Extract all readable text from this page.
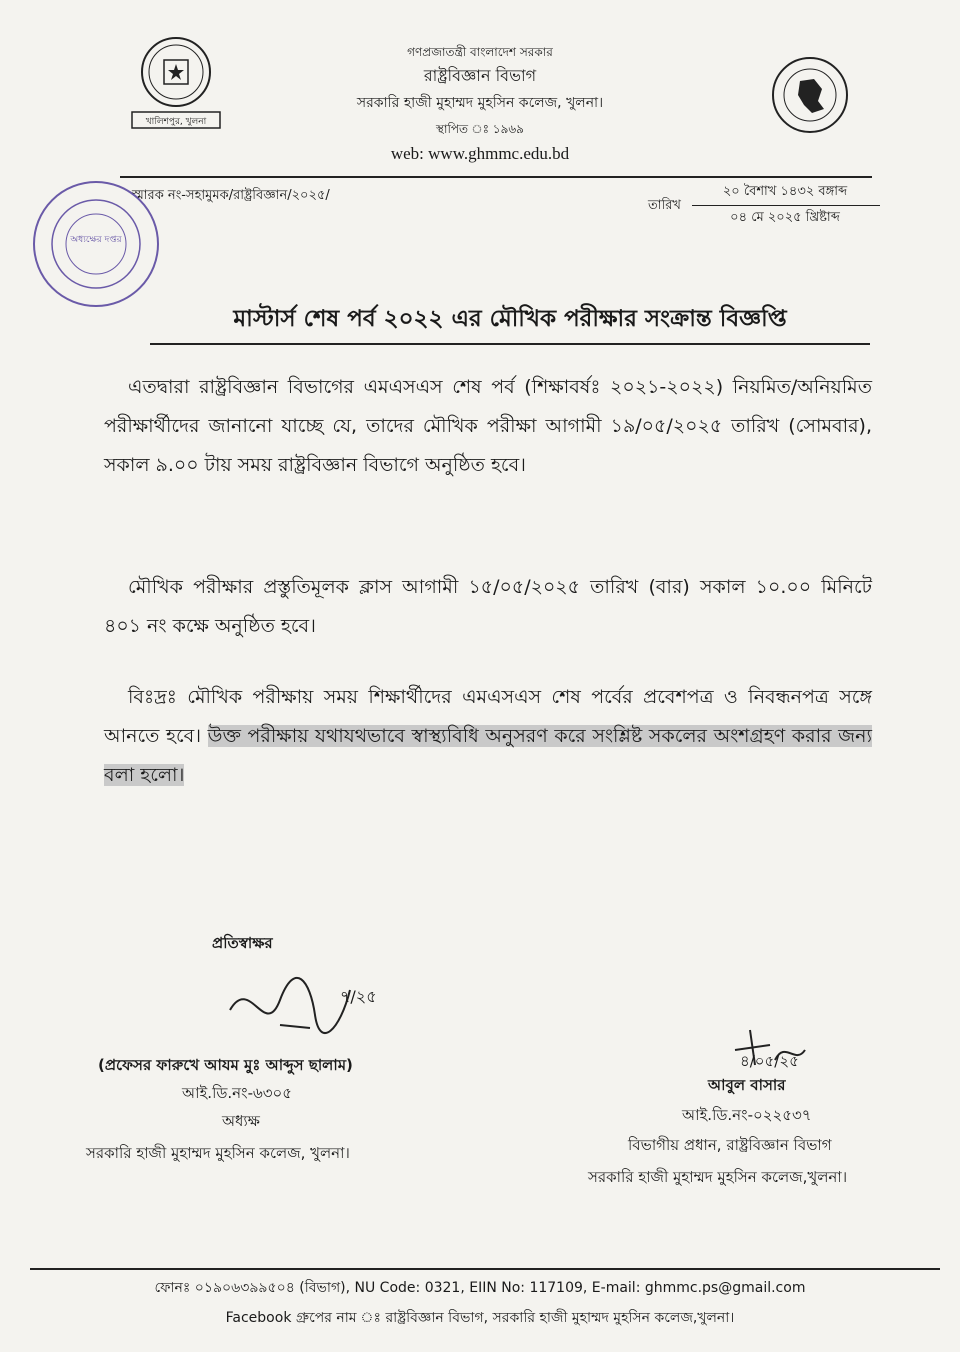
খালিশপুর, খুলনা
গণপ্রজাতন্ত্রী বাংলাদেশ সরকার
রাষ্ট্রবিজ্ঞান বিভাগ
সরকারি হাজী মুহাম্মদ মুহসিন কলেজ, খুলনা।
স্থাপিত ঃ ১৯৬৯
web: www.ghmmc.edu.bd
অধ্যক্ষের দপ্তর
স্মারক নং-সহামুমক/রাষ্ট্রবিজ্ঞান/২০২৫/
তারিখ
২০ বৈশাখ ১৪৩২ বঙ্গাব্দ
০৪ মে ২০২৫ খ্রিষ্টাব্দ
মাস্টার্স শেষ পর্ব ২০২২ এর মৌখিক পরীক্ষার সংক্রান্ত বিজ্ঞপ্তি
এতদ্বারা রাষ্ট্রবিজ্ঞান বিভাগের এমএসএস শেষ পর্ব (শিক্ষাবর্ষঃ ২০২১-২০২২) নিয়মিত/অনিয়মিত পরীক্ষার্থীদের জানানো যাচ্ছে যে, তাদের মৌখিক পরীক্ষা আগামী ১৯/০৫/২০২৫ তারিখ (সোমবার), সকাল ৯.০০ টায় সময় রাষ্ট্রবিজ্ঞান বিভাগে অনুষ্ঠিত হবে।
মৌখিক পরীক্ষার প্রস্তুতিমূলক ক্লাস আগামী ১৫/০৫/২০২৫ তারিখ (বার) সকাল ১০.০০ মিনিটে ৪০১ নং কক্ষে অনুষ্ঠিত হবে।
বিঃদ্রঃ মৌখিক পরীক্ষায় সময় শিক্ষার্থীদের এমএসএস শেষ পর্বের প্রবেশপত্র ও নিবন্ধনপত্র সঙ্গে আনতে হবে। উক্ত পরীক্ষায় যথাযথভাবে স্বাস্থ্যবিধি অনুসরণ করে সংশ্লিষ্ট সকলের অংশগ্রহণ করার জন্য বলা হলো।
প্রতিস্বাক্ষর
৭/২৫
(প্রফেসর ফারুখে আযম মুঃ আব্দুস ছালাম)
আই.ডি.নং-৬৩০৫
অধ্যক্ষ
সরকারি হাজী মুহাম্মদ মুহসিন কলেজ, খুলনা।
৪/০৫/২৫
আবুল বাসার
আই.ডি.নং-০২২৫৩৭
বিভাগীয় প্রধান, রাষ্ট্রবিজ্ঞান বিভাগ
সরকারি হাজী মুহাম্মদ মুহসিন কলেজ,খুলনা।
ফোনঃ ০১৯০৬৩৯৯৫০৪ (বিভাগ), NU Code: 0321, EIIN No: 117109, E-mail: ghmmc.ps@gmail.com
Facebook গ্রুপের নাম ঃ রাষ্ট্রবিজ্ঞান বিভাগ, সরকারি হাজী মুহাম্মদ মুহসিন কলেজ,খুলনা।
